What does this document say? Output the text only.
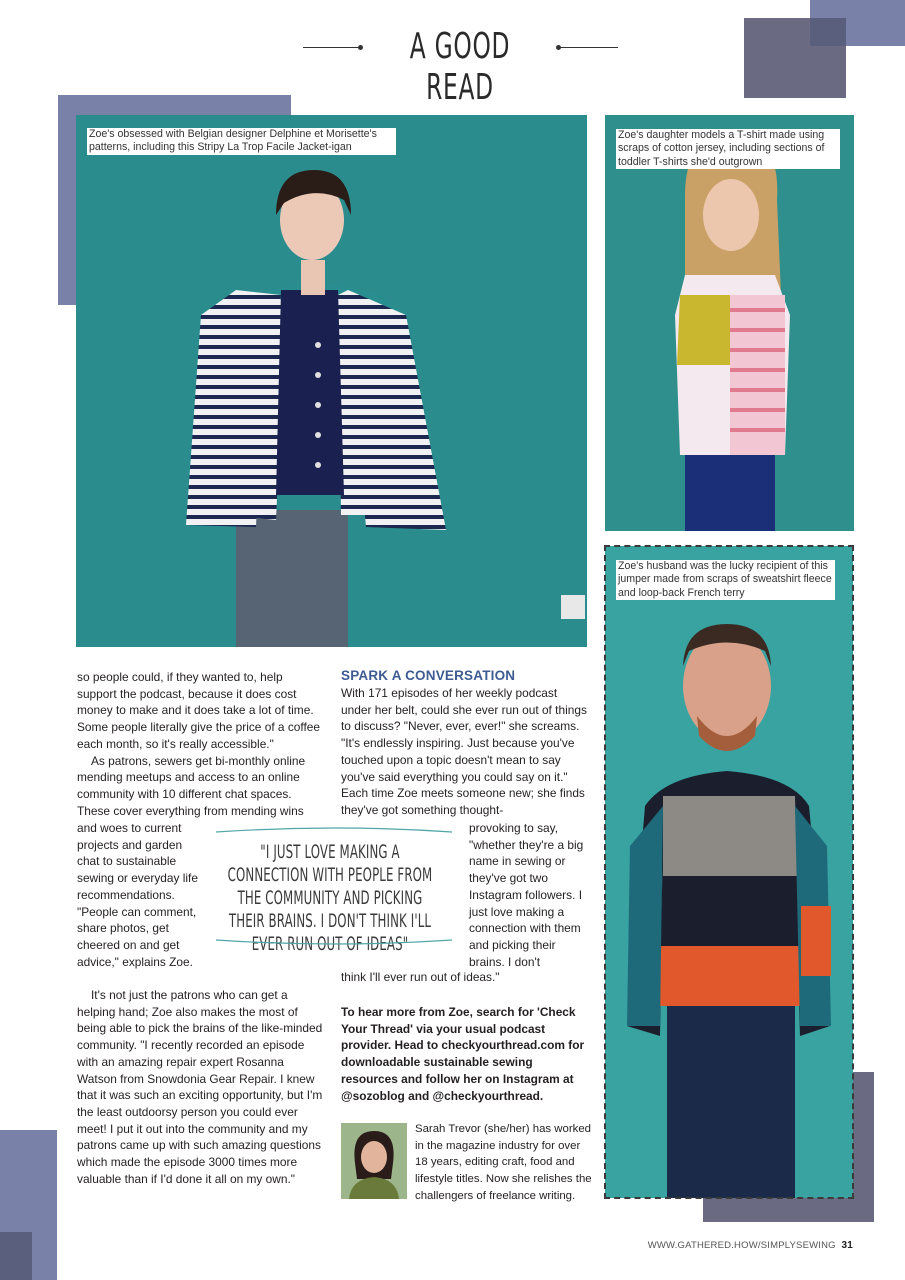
A GOOD READ
Zoe's obsessed with Belgian designer Delphine et Morisette's patterns, including this Stripy La Trop Facile Jacket-igan
Zoe's daughter models a T-shirt made using scraps of cotton jersey, including sections of toddler T-shirts she'd outgrown
Zoe's husband was the lucky recipient of this jumper made from scraps of sweatshirt fleece and loop-back French terry

so people could, if they wanted to, help support the podcast, because it does cost money to make and it does take a lot of time. Some people literally give the price of a coffee each month, so it's really accessible."

As patrons, sewers get bi-monthly online mending meetups and access to an online community with 10 different chat spaces. These cover everything from mending wins

and woes to current projects and garden chat to sustainable sewing or everyday life recommendations. "People can comment, share photos, get cheered on and get advice," explains Zoe.

It's not just the patrons who can get a helping hand; Zoe also makes the most of being able to pick the brains of the like-minded community. "I recently recorded an episode with an amazing repair expert Rosanna Watson from Snowdonia Gear Repair. I knew that it was such an exciting opportunity, but I'm the least outdoorsy person you could ever meet! I put it out into the community and my patrons came up with such amazing questions which made the episode 3000 times more valuable than if I'd done it all on my own."

"I JUST LOVE MAKING A CONNECTION WITH PEOPLE FROM THE COMMUNITY AND PICKING THEIR BRAINS. I DON'T THINK I'LL EVER RUN OUT OF IDEAS"
SPARK A CONVERSATION

With 171 episodes of her weekly podcast under her belt, could she ever run out of things to discuss? "Never, ever, ever!" she screams. "It's endlessly inspiring. Just because you've touched upon a topic doesn't mean to say you've said everything you could say on it." Each time Zoe meets someone new; she finds they've got something thought-

provoking to say, "whether they're a big name in sewing or they've got two Instagram followers. I just love making a connection with them and picking their brains. I don't

think I'll ever run out of ideas."

To hear more from Zoe, search for 'Check Your Thread' via your usual podcast provider. Head to checkyourthread.com for downloadable sustainable sewing resources and follow her on Instagram at @sozoblog and @checkyourthread.
Sarah Trevor (she/her) has worked in the magazine industry for over 18 years, editing craft, food and lifestyle titles. Now she relishes the challengers of freelance writing.
WWW.GATHERED.HOW/SIMPLYSEWING 31
